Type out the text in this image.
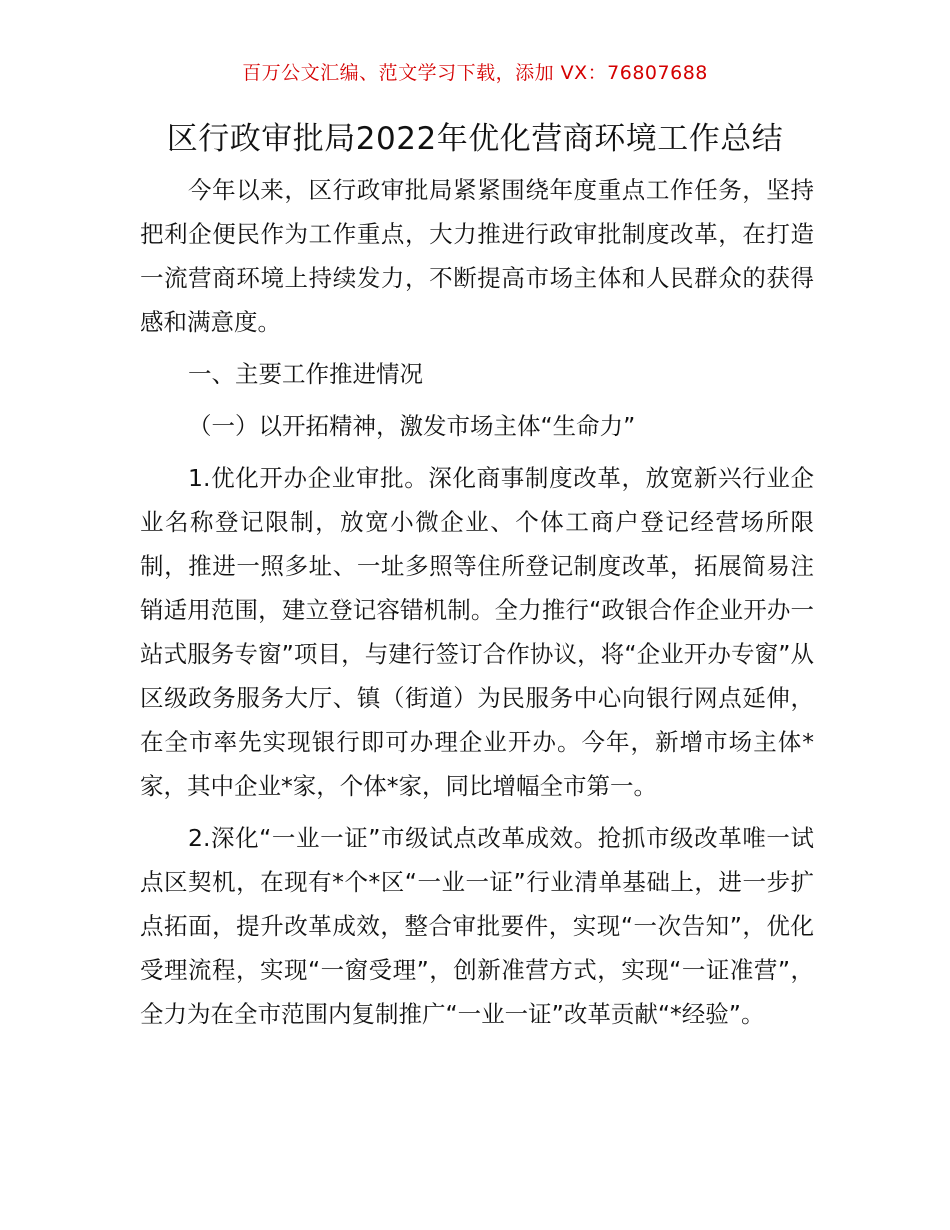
百万公文汇编、范文学习下载，添加 VX：76807688
区行政审批局2022年优化营商环境工作总结

今年以来，区行政审批局紧紧围绕年度重点工作任务，坚持把利企便民作为工作重点，大力推进行政审批制度改革，在打造一流营商环境上持续发力，不断提高市场主体和人民群众的获得感和满意度。

一、主要工作推进情况

（一）以开拓精神，激发市场主体“生命力”

1.优化开办企业审批。深化商事制度改革，放宽新兴行业企业名称登记限制，放宽小微企业、个体工商户登记经营场所限制，推进一照多址、一址多照等住所登记制度改革，拓展简易注销适用范围，建立登记容错机制。全力推行“政银合作企业开办一站式服务专窗”项目，与建行签订合作协议，将“企业开办专窗”从区级政务服务大厅、镇（街道）为民服务中心向银行网点延伸，在全市率先实现银行即可办理企业开办。今年，新增市场主体*家，其中企业*家，个体*家，同比增幅全市第一。

2.深化“一业一证”市级试点改革成效。抢抓市级改革唯一试点区契机，在现有*个*区“一业一证”行业清单基础上，进一步扩点拓面，提升改革成效，整合审批要件，实现“一次告知”，优化受理流程，实现“一窗受理”，创新准营方式，实现“一证准营”，全力为在全市范围内复制推广“一业一证”改革贡献“*经验”。
